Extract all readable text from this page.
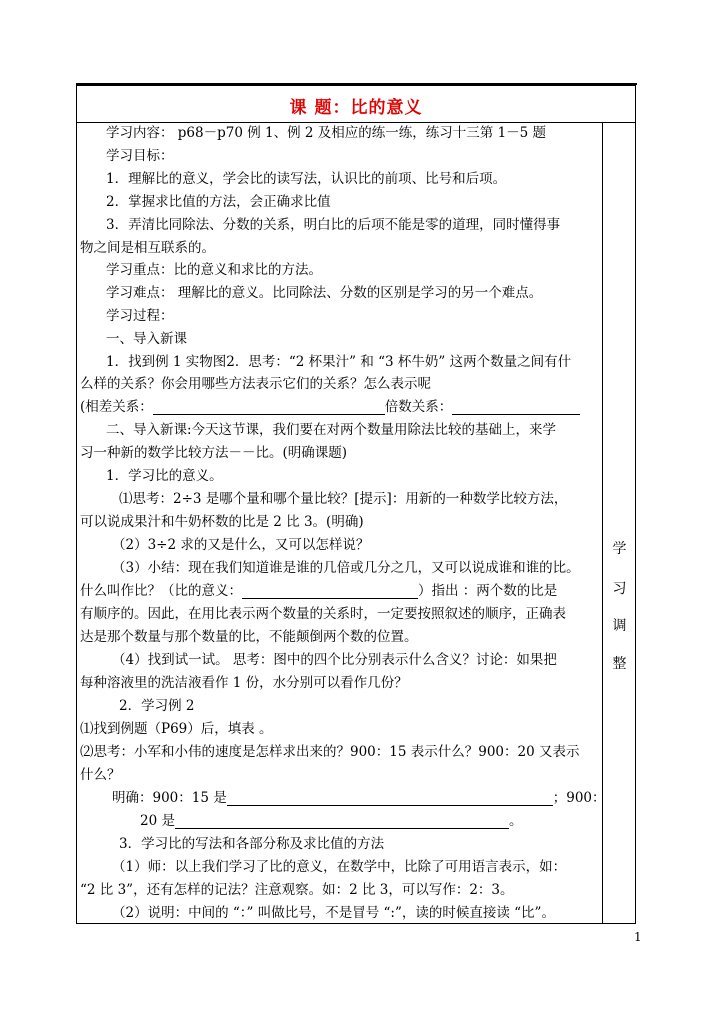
课 题：比的意义
学
习
调
整
学习内容： p68－p70 例 1、例 2 及相应的练一练，练习十三第 1－5 题
学习目标：
1．理解比的意义，学会比的读写法，认识比的前项、比号和后项。
2．掌握求比值的方法，会正确求比值
3．弄清比同除法、分数的关系，明白比的后项不能是零的道理，同时懂得事
物之间是相互联系的。
学习重点：比的意义和求比的方法。
学习难点： 理解比的意义。比同除法、分数的区别是学习的另一个难点。
学习过程：
一、导入新课
1．找到例 1 实物图2．思考：“2 杯果汁” 和 “3 杯牛奶” 这两个数量之间有什
么样的关系？你会用哪些方法表示它们的关系？怎么表示呢
(相差关系：	倍数关系：
二、导入新课:今天这节课，我们要在对两个数量用除法比较的基础上，来学
习一种新的数学比较方法－－比。(明确课题)
1．学习比的意义。
⑴思考：2÷3 是哪个量和哪个量比较？[提示]：用新的一种数学比较方法，
可以说成果汁和牛奶杯数的比是 2 比 3。(明确)
（2）3÷2 求的又是什么，又可以怎样说？
（3）小结：现在我们知道谁是谁的几倍或几分之几，又可以说成谁和谁的比。
什么叫作比？（比的意义：	）指出 ：两个数的比是
有顺序的。因此，在用比表示两个数量的关系时，一定要按照叙述的顺序，正确表
达是那个数量与那个数量的比，不能颠倒两个数的位置。
（4）找到试一试。 思考：图中的四个比分别表示什么含义？讨论：如果把
每种溶液里的洗洁液看作 1 份，水分别可以看作几份？
2．学习例 2
⑴找到例题（P69）后，填表 。
⑵思考：小军和小伟的速度是怎样求出来的？900：15 表示什么？900：20 又表示
什么？
明确：900：15 是	；900：
20 是	。
3．学习比的写法和各部分称及求比值的方法
（1）师：以上我们学习了比的意义，在数学中，比除了可用语言表示，如：
“2 比 3”，还有怎样的记法？注意观察。如：2 比 3，可以写作：2：3。
（2）说明：中间的 “：” 叫做比号，不是冒号 “:”，读的时候直接读 “比”。
1
